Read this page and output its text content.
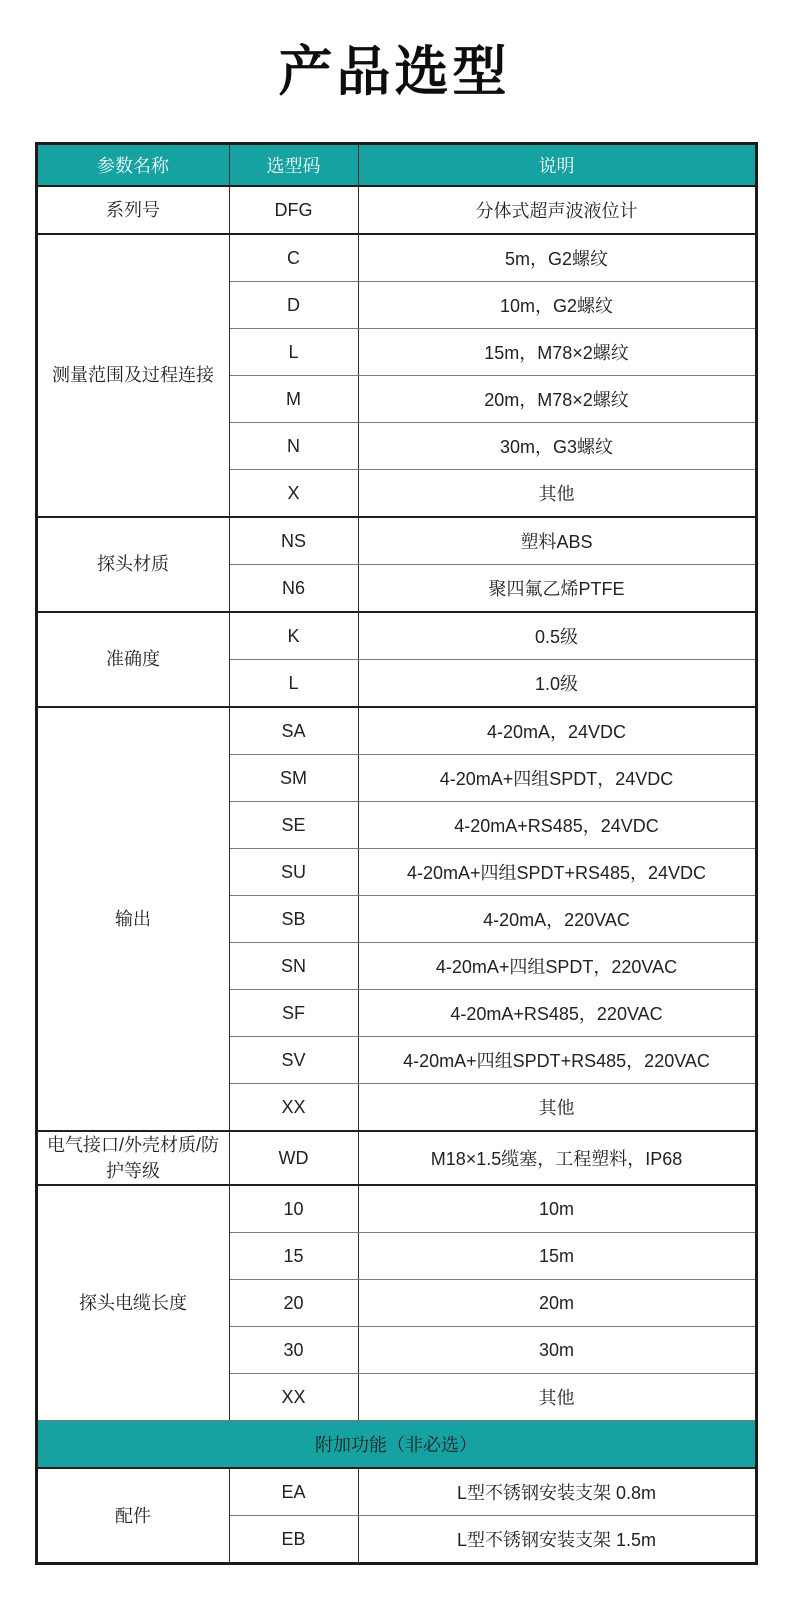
产品选型
参数名称	选型码	说明
系列号	DFG	分体式超声波液位计
测量范围及过程连接	C	5m，G2螺纹
	D	10m，G2螺纹
	L	15m，M78×2螺纹
	M	20m，M78×2螺纹
	N	30m，G3螺纹
	X	其他
探头材质	NS	塑料ABS
	N6	聚四氟乙烯PTFE
准确度	K	0.5级
	L	1.0级
输出	SA	4-20mA，24VDC
	SM	4-20mA+四组SPDT，24VDC
	SE	4-20mA+RS485，24VDC
	SU	4-20mA+四组SPDT+RS485，24VDC
	SB	4-20mA，220VAC
	SN	4-20mA+四组SPDT，220VAC
	SF	4-20mA+RS485，220VAC
	SV	4-20mA+四组SPDT+RS485，220VAC
	XX	其他
电气接口/外壳材质/防护等级	WD	M18×1.5缆塞，工程塑料，IP68
探头电缆长度	10	10m
	15	15m
	20	20m
	30	30m
	XX	其他
附加功能（非必选）		
配件	EA	L型不锈钢安装支架 0.8m
	EB	L型不锈钢安装支架 1.5m
